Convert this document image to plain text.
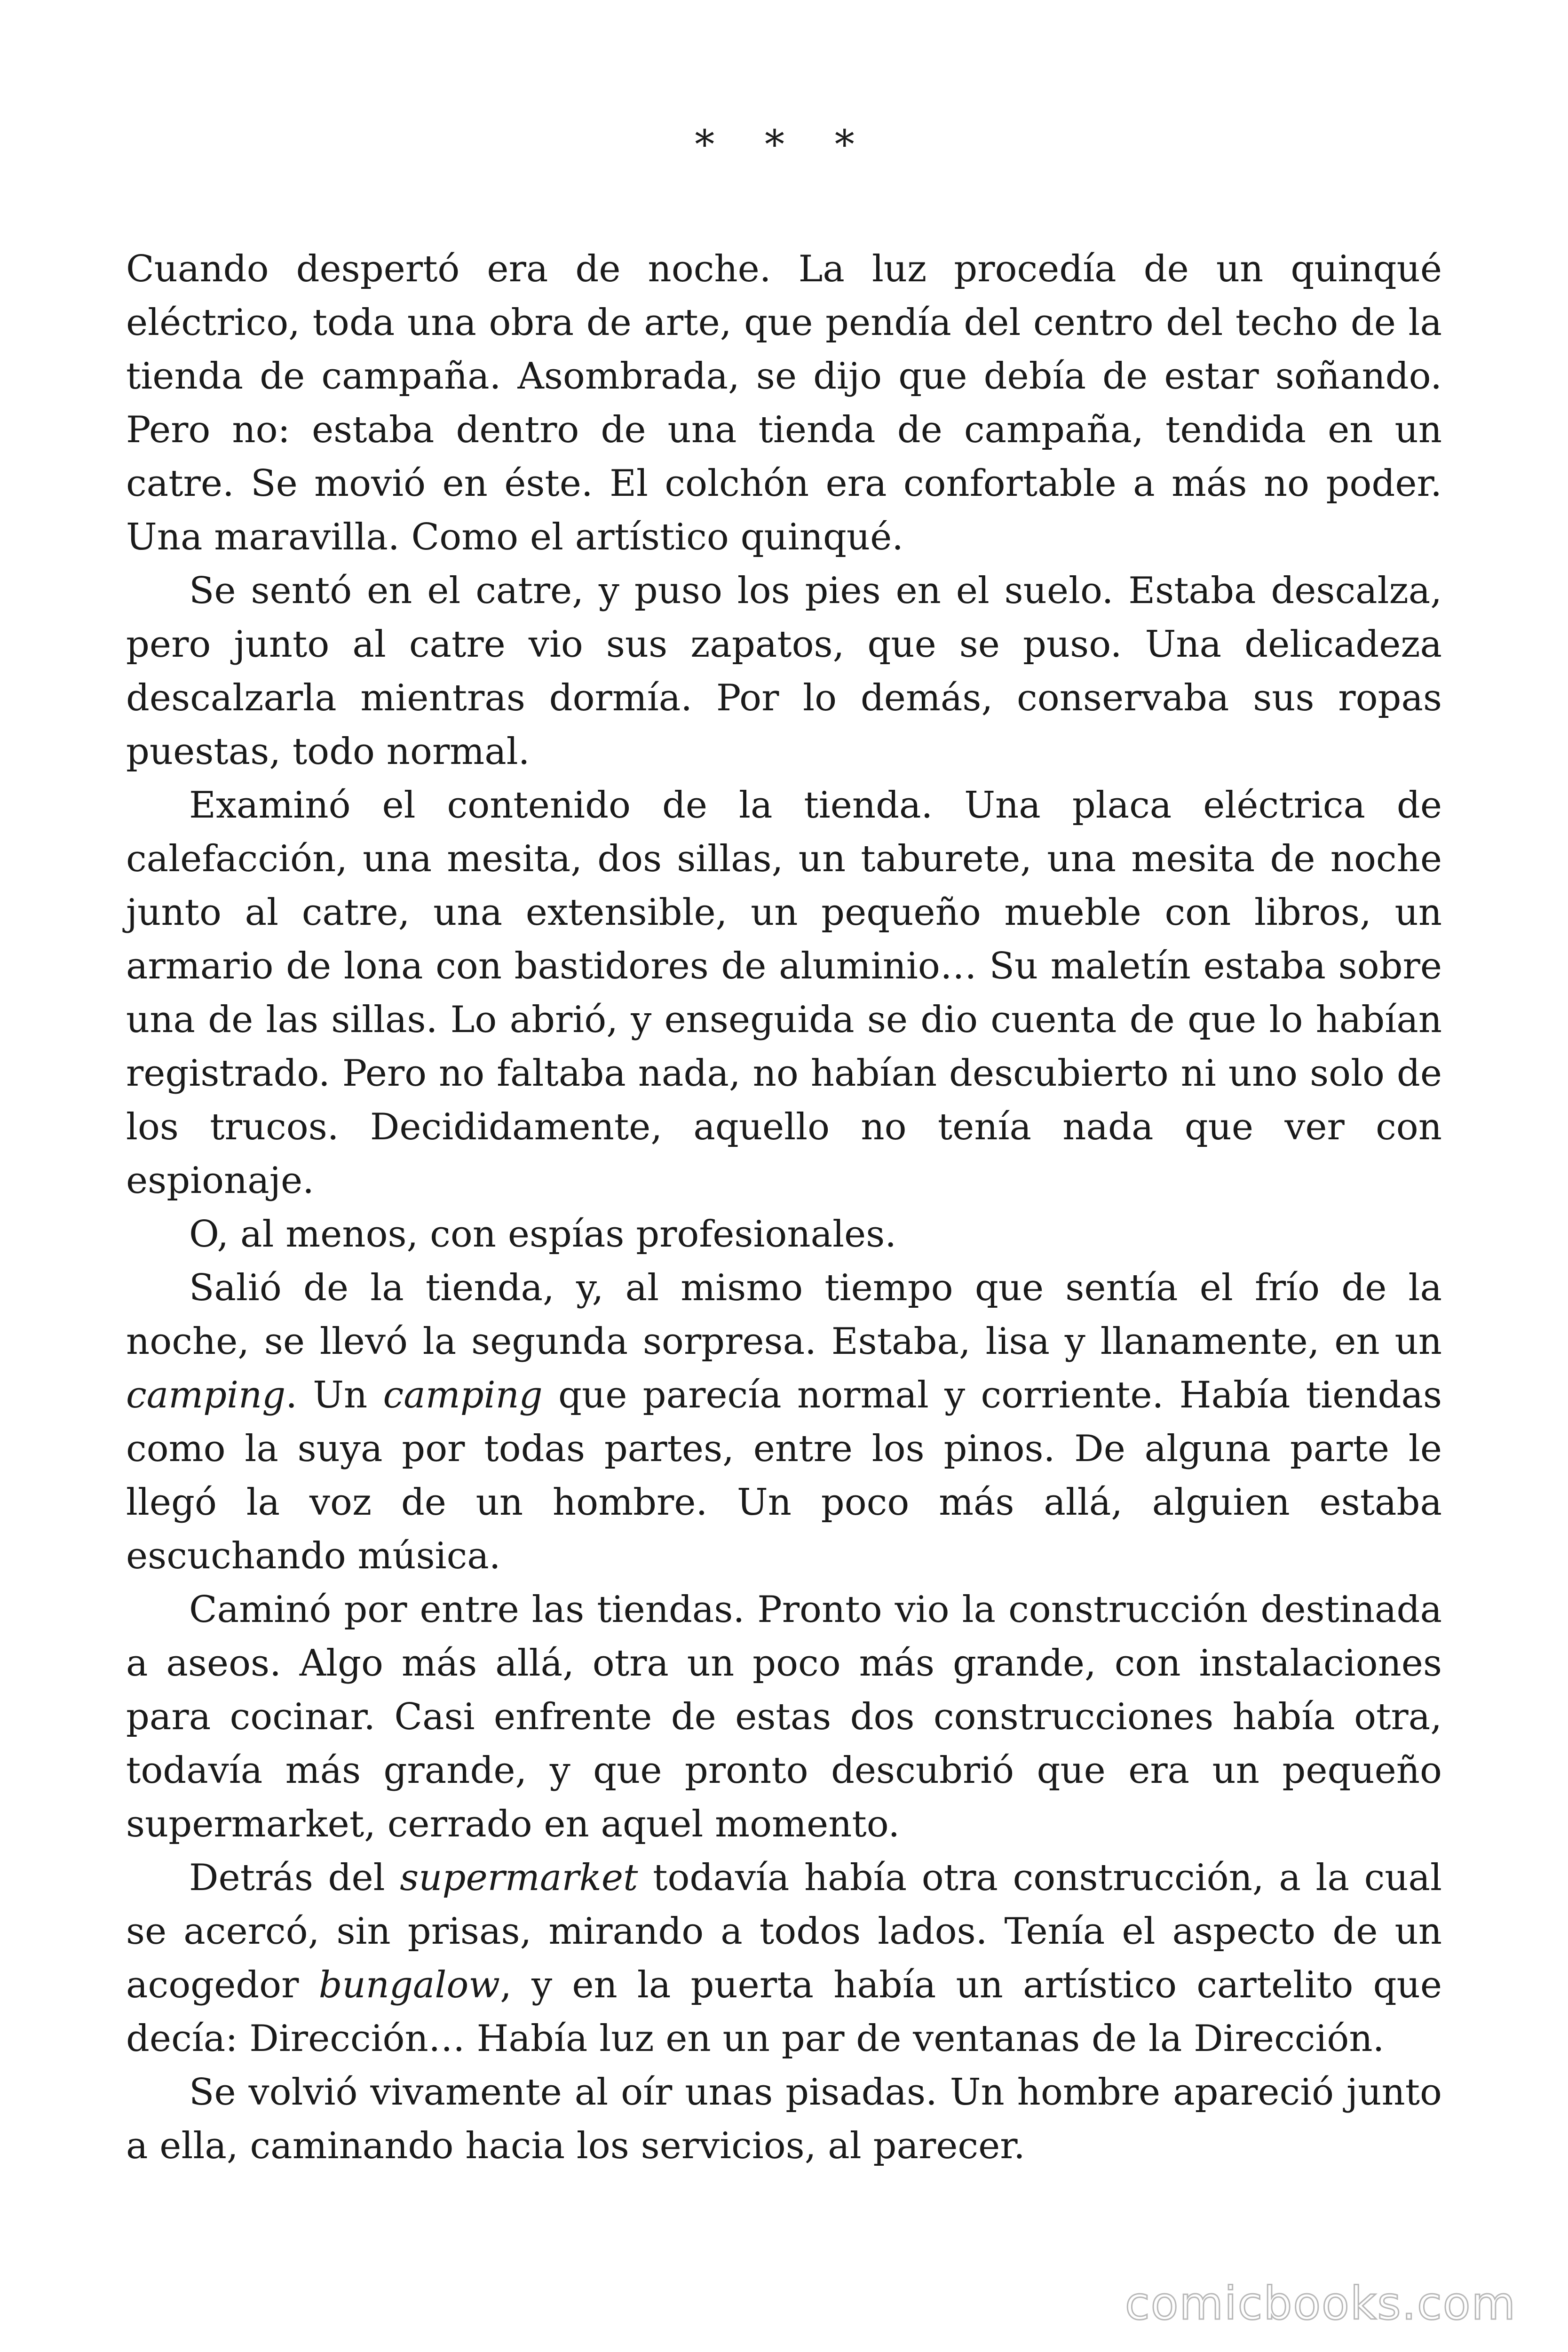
* * *

Cuando despertó era de noche. La luz procedía de un quinqué eléctrico, toda una obra de arte, que pendía del centro del techo de la tienda de campaña. Asombrada, se dijo que debía de estar soñando. Pero no: estaba dentro de una tienda de campaña, tendida en un catre. Se movió en éste. El colchón era confortable a más no poder. Una maravilla. Como el artístico quinqué.

Se sentó en el catre, y puso los pies en el suelo. Estaba descalza, pero junto al catre vio sus zapatos, que se puso. Una delicadeza descalzarla mientras dormía. Por lo demás, conservaba sus ropas puestas, todo normal.

Examinó el contenido de la tienda. Una placa eléctrica de calefacción, una mesita, dos sillas, un taburete, una mesita de noche junto al catre, una extensible, un pequeño mueble con libros, un armario de lona con bastidores de aluminio… Su maletín estaba sobre una de las sillas. Lo abrió, y enseguida se dio cuenta de que lo habían registrado. Pero no faltaba nada, no habían descubierto ni uno solo de los trucos. Decididamente, aquello no tenía nada que ver con espionaje.

O, al menos, con espías profesionales.

Salió de la tienda, y, al mismo tiempo que sentía el frío de la noche, se llevó la segunda sorpresa. Estaba, lisa y llanamente, en un camping. Un camping que parecía normal y corriente. Había tiendas como la suya por todas partes, entre los pinos. De alguna parte le llegó la voz de un hombre. Un poco más allá, alguien estaba escuchando música.

Caminó por entre las tiendas. Pronto vio la construcción destinada a aseos. Algo más allá, otra un poco más grande, con instalaciones para cocinar. Casi enfrente de estas dos construcciones había otra, todavía más grande, y que pronto descubrió que era un pequeño supermarket, cerrado en aquel momento.

Detrás del supermarket todavía había otra construcción, a la cual se acercó, sin prisas, mirando a todos lados. Tenía el aspecto de un acogedor bungalow, y en la puerta había un artístico cartelito que decía: Dirección… Había luz en un par de ventanas de la Dirección.

Se volvió vivamente al oír unas pisadas. Un hombre apareció junto a ella, caminando hacia los servicios, al parecer.

comicbooks.com
